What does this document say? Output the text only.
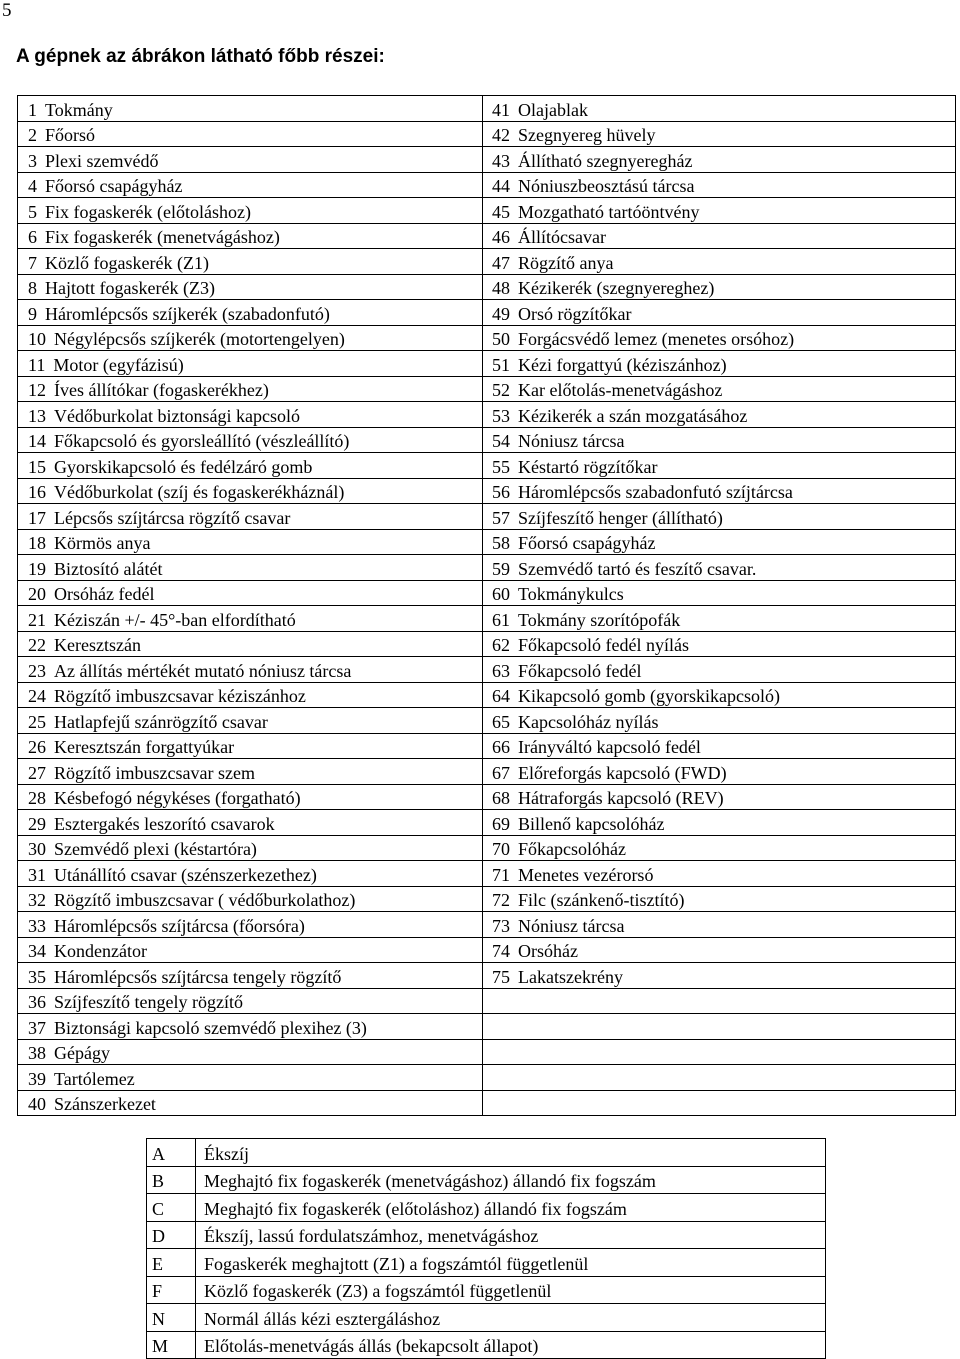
5
A gépnek az ábrákon látható főbb részei:
1 Tokmány	41 Olajablak
2 Főorsó	42 Szegnyereg hüvely
3 Plexi szemvédő	43 Állítható szegnyeregház
4 Főorsó csapágyház	44 Nóniuszbeosztású tárcsa
5 Fix fogaskerék (előtoláshoz)	45 Mozgatható tartóöntvény
6 Fix fogaskerék (menetvágáshoz)	46 Állítócsavar
7 Közlő fogaskerék (Z1)	47 Rögzítő anya
8 Hajtott fogaskerék (Z3)	48 Kézikerék (szegnyereghez)
9 Háromlépcsős szíjkerék (szabadonfutó)	49 Orsó rögzítőkar
10 Négylépcsős szíjkerék (motortengelyen)	50 Forgácsvédő lemez (menetes orsóhoz)
11 Motor (egyfázisú)	51 Kézi forgattyú (kéziszánhoz)
12 Íves állítókar (fogaskerékhez)	52 Kar előtolás-menetvágáshoz
13 Védőburkolat biztonsági kapcsoló	53 Kézikerék a szán mozgatásához
14 Főkapcsoló és gyorsleállító (vészleállító)	54 Nóniusz tárcsa
15 Gyorskikapcsoló és fedélzáró gomb	55 Késtartó rögzítőkar
16 Védőburkolat (szíj és fogaskerékháznál)	56 Háromlépcsős szabadonfutó szíjtárcsa
17 Lépcsős szíjtárcsa rögzítő csavar	57 Szíjfeszítő henger (állítható)
18 Körmös anya	58 Főorsó csapágyház
19 Biztosító alátét	59 Szemvédő tartó és feszítő csavar.
20 Orsóház fedél	60 Tokmánykulcs
21 Kéziszán +/- 45°-ban elfordítható	61 Tokmány szorítópofák
22 Keresztszán	62 Főkapcsoló fedél nyílás
23 Az állítás mértékét mutató nóniusz tárcsa	63 Főkapcsoló fedél
24 Rögzítő imbuszcsavar kéziszánhoz	64 Kikapcsoló gomb (gyorskikapcsoló)
25 Hatlapfejű szánrögzítő csavar	65 Kapcsolóház nyílás
26 Keresztszán forgattyúkar	66 Irányváltó kapcsoló fedél
27 Rögzítő imbuszcsavar szem	67 Előreforgás kapcsoló (FWD)
28 Késbefogó négykéses (forgatható)	68 Hátraforgás kapcsoló (REV)
29 Esztergakés leszorító csavarok	69 Billenő kapcsolóház
30 Szemvédő plexi (késtartóra)	70 Főkapcsolóház
31 Utánállító csavar (szénszerkezethez)	71 Menetes vezérorsó
32 Rögzítő imbuszcsavar ( védőburkolathoz)	72 Filc (szánkenő-tisztító)
33 Háromlépcsős szíjtárcsa (főorsóra)	73 Nóniusz tárcsa
34 Kondenzátor	74 Orsóház
35 Háromlépcsős szíjtárcsa tengely rögzítő	75 Lakatszekrény
36 Szíjfeszítő tengely rögzítő	
37 Biztonsági kapcsoló szemvédő plexihez (3)	
38 Gépágy	
39 Tartólemez	
40 Szánszerkezet	
A	Ékszíj
B	Meghajtó fix fogaskerék (menetvágáshoz) állandó fix fogszám
C	Meghajtó fix fogaskerék (előtoláshoz) állandó fix fogszám
D	Ékszíj, lassú fordulatszámhoz, menetvágáshoz
E	Fogaskerék meghajtott (Z1) a fogszámtól függetlenül
F	Közlő fogaskerék (Z3) a fogszámtól függetlenül
N	Normál állás kézi esztergáláshoz
M	Előtolás-menetvágás állás (bekapcsolt állapot)
